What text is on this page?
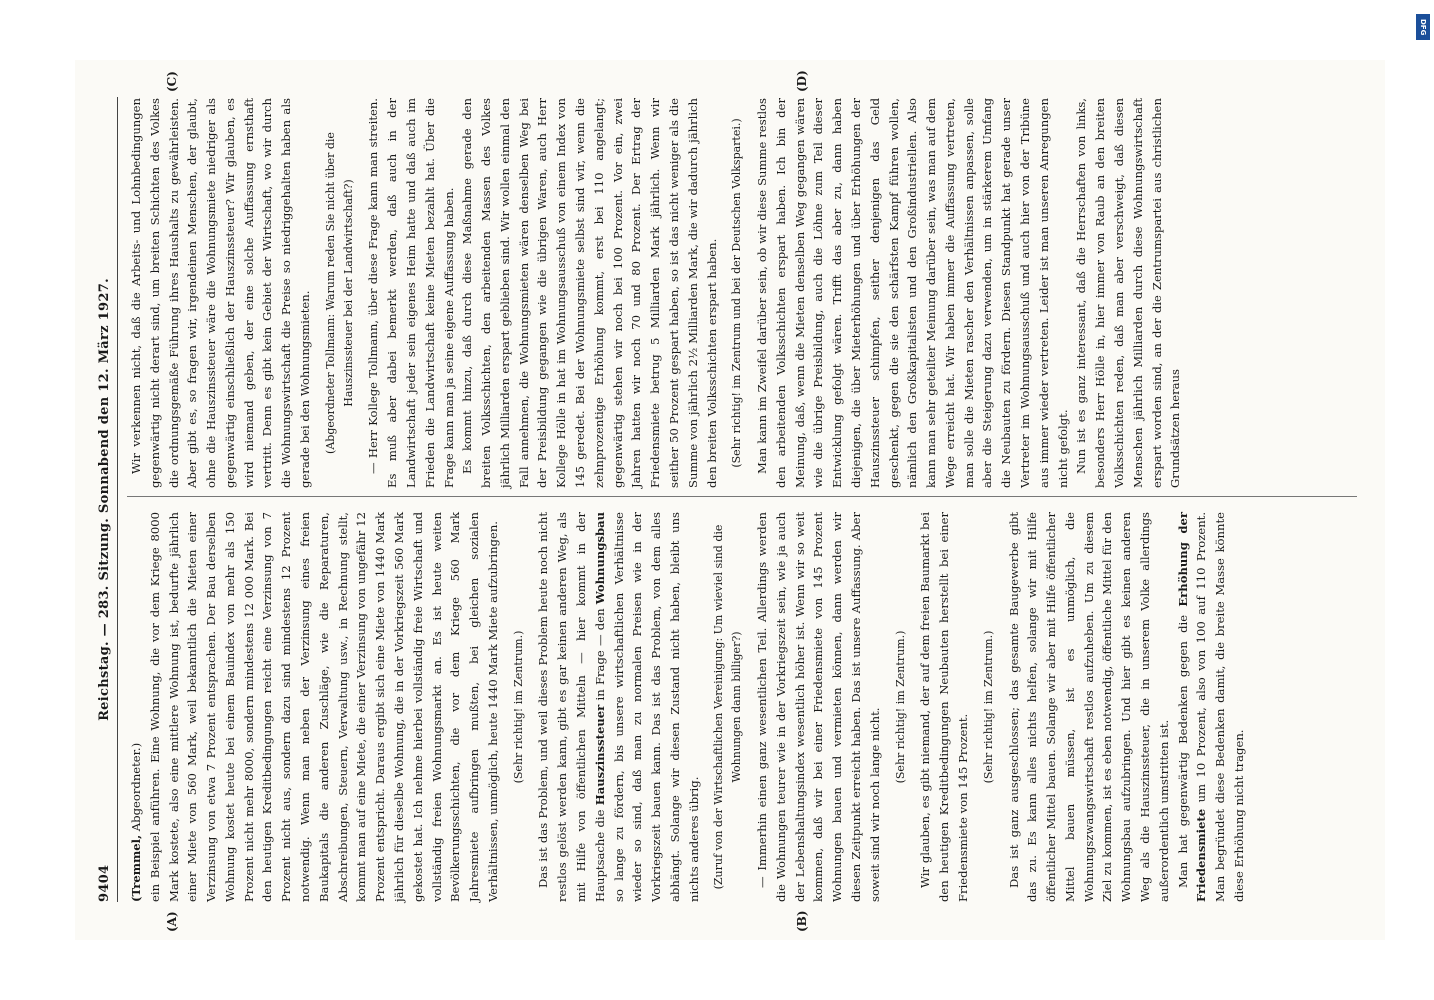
9404
Reichstag. — 283. Sitzung. Sonnabend den 12. März 1927.
(A)	(B)
(C)	(D)

(Tremmel, Abgeordneter.) ein Beispiel anführen. Eine Wohnung, die vor dem Kriege 8000 Mark kostete, also eine mittlere Wohnung ist, bedurfte jährlich einer Miete von 560 Mark, weil bekanntlich die Mieten einer Verzinsung von etwa 7 Prozent entsprachen. Der Bau derselben Wohnung kostet heute bei einem Bauindex von mehr als 150 Prozent nicht mehr 8000, sondern mindestens 12 000 Mark. Bei den heutigen Kreditbedingungen reicht eine Verzinsung von 7 Prozent nicht aus, sondern dazu sind mindestens 12 Prozent notwendig. Wenn man neben der Verzinsung eines freien Baukapitals die anderen Zuschläge, wie die Reparaturen, Abschreibungen, Steuern, Verwaltung usw., in Rechnung stellt, kommt man auf eine Miete, die einer Verzinsung von ungefähr 12 Prozent entspricht. Daraus ergibt sich eine Miete von 1440 Mark jährlich für dieselbe Wohnung, die in der Vorkriegszeit 560 Mark gekostet hat. Ich nehme hierbei vollständig freie Wirtschaft und vollständig freien Wohnungsmarkt an. Es ist heute weiten Bevölkerungsschichten, die vor dem Kriege 560 Mark Jahresmiete aufbringen mußten, bei gleichen sozialen Verhältnissen, unmöglich, heute 1440 Mark Miete aufzubringen. (Sehr richtig! im Zentrum.) Das ist das Problem, und weil dieses Problem heute noch nicht restlos gelöst werden kann, gibt es gar keinen anderen Weg, als mit Hilfe von öffentlichen Mitteln — hier kommt in der Hauptsache die Hauszinssteuer in Frage — den Wohnungsbau so lange zu fördern, bis unsere wirtschaftlichen Verhältnisse wieder so sind, daß man zu normalen Preisen wie in der Vorkriegszeit bauen kann. Das ist das Problem, von dem alles abhängt. Solange wir diesen Zustand nicht haben, bleibt uns nichts anderes übrig. (Zuruf von der Wirtschaftlichen Vereinigung: Um wieviel sind die Wohnungen dann billiger?) — Immerhin einen ganz wesentlichen Teil. Allerdings werden die Wohnungen teurer wie in der Vorkriegszeit sein, wie ja auch der Lebenshaltungsindex wesentlich höher ist. Wenn wir so weit kommen, daß wir bei einer Friedensmiete von 145 Prozent Wohnungen bauen und vermieten können, dann werden wir diesen Zeitpunkt erreicht haben. Das ist unsere Auffassung. Aber soweit sind wir noch lange nicht.

(Sehr richtig! im Zentrum.) Wir glauben, es gibt niemand, der auf dem freien Baumarkt bei den heutigen Kreditbedingungen Neubauten herstellt bei einer Friedensmiete von 145 Prozent.

(Sehr richtig! im Zentrum.) Das ist ganz ausgeschlossen; das gesamte Baugewerbe gibt das zu. Es kann alles nichts helfen, solange wir mit Hilfe öffentlicher Mittel bauen. Solange wir aber mit Hilfe öffentlicher Mittel bauen müssen, ist es unmöglich, die Wohnungszwangswirtschaft restlos aufzuheben. Um zu diesem Ziel zu kommen, ist es eben notwendig, öffentliche Mittel für den Wohnungsbau aufzubringen. Und hier gibt es keinen anderen Weg als die Hauszinssteuer, die in unserem Volke allerdings außerordentlich umstritten ist. Man hat gegenwärtig Bedenken gegen die Erhöhung der Friedensmiete um 10 Prozent, also von 100 auf 110 Prozent. Man begründet diese Bedenken damit, die breite Masse könnte diese Erhöhung nicht tragen.

Wir verkennen nicht, daß die Arbeits- und Lohnbedingungen gegenwärtig nicht derart sind, um breiten Schichten des Volkes die ordnungsgemäße Führung ihres Haushalts zu gewährleisten. Aber gibt es, so fragen wir, irgendeinen Menschen, der glaubt, ohne die Hauszinssteuer wäre die Wohnungsmiete niedriger als gegenwärtig einschließlich der Hauszinssteuer? Wir glauben, es wird niemand geben, der eine solche Auffassung ernsthaft vertritt. Denn es gibt kein Gebiet der Wirtschaft, wo wir durch die Wohnungswirtschaft die Preise so niedriggehalten haben als gerade bei den Wohnungsmieten. (Abgeordneter Tollmann: Warum reden Sie nicht über die Hauszinssteuer bei der Landwirtschaft?) — Herr Kollege Tollmann, über diese Frage kann man streiten. Es muß aber dabei bemerkt werden, daß auch in der Landwirtschaft jeder sein eigenes Heim hatte und daß auch im Frieden die Landwirtschaft keine Mieten bezahlt hat. Über die Frage kann man ja seine eigene Auffassung haben. Es kommt hinzu, daß durch diese Maßnahme gerade den breiten Volksschichten, den arbeitenden Massen des Volkes jährlich Milliarden erspart geblieben sind. Wir wollen einmal den Fall annehmen, die Wohnungsmieten wären denselben Weg bei der Preisbildung gegangen wie die übrigen Waren, auch Herr Kollege Hölle in hat im Wohnungsausschuß von einem Index von 145 geredet. Bei der Wohnungsmiete selbst sind wir, wenn die zehnprozentige Erhöhung kommt, erst bei 110 angelangt; gegenwärtig stehen wir noch bei 100 Prozent. Vor ein, zwei Jahren hatten wir noch 70 und 80 Prozent. Der Ertrag der Friedensmiete betrug 5 Milliarden Mark jährlich. Wenn wir seither 50 Prozent gespart haben, so ist das nicht weniger als die Summe von jährlich 2½ Milliarden Mark, die wir dadurch jährlich den breiten Volksschichten erspart haben. (Sehr richtig! im Zentrum und bei der Deutschen Volkspartei.) Man kann im Zweifel darüber sein, ob wir diese Summe restlos den arbeitenden Volksschichten erspart haben. Ich bin der Meinung, daß, wenn die Mieten denselben Weg gegangen wären wie die übrige Preisbildung, auch die Löhne zum Teil dieser Entwicklung gefolgt wären. Trifft das aber zu, dann haben diejenigen, die über Mieterhöhungen und über Erhöhungen der Hauszinssteuer schimpfen, seither denjenigen das Geld geschenkt, gegen die sie den schärfsten Kampf führen wollen, nämlich den Großkapitalisten und den Großindustriellen. Also kann man sehr geteilter Meinung darüber sein, was man auf dem Wege erreicht hat. Wir haben immer die Auffassung vertreten, man solle die Mieten rascher den Verhältnissen anpassen, solle aber die Steigerung dazu verwenden, um in stärkerem Umfang die Neubauten zu fördern. Diesen Standpunkt hat gerade unser Vertreter im Wohnungsausschuß und auch hier von der Tribüne aus immer wieder vertreten. Leider ist man unseren Anregungen nicht gefolgt. Nun ist es ganz interessant, daß die Herrschaften von links, besonders Herr Hölle in, hier immer von Raub an den breiten Volksschichten reden, daß man aber verschweigt, daß diesen Menschen jährlich Milliarden durch diese Wohnungswirtschaft erspart worden sind, an der die Zentrumspartei aus christlichen Grundsätzen heraus

DFG
